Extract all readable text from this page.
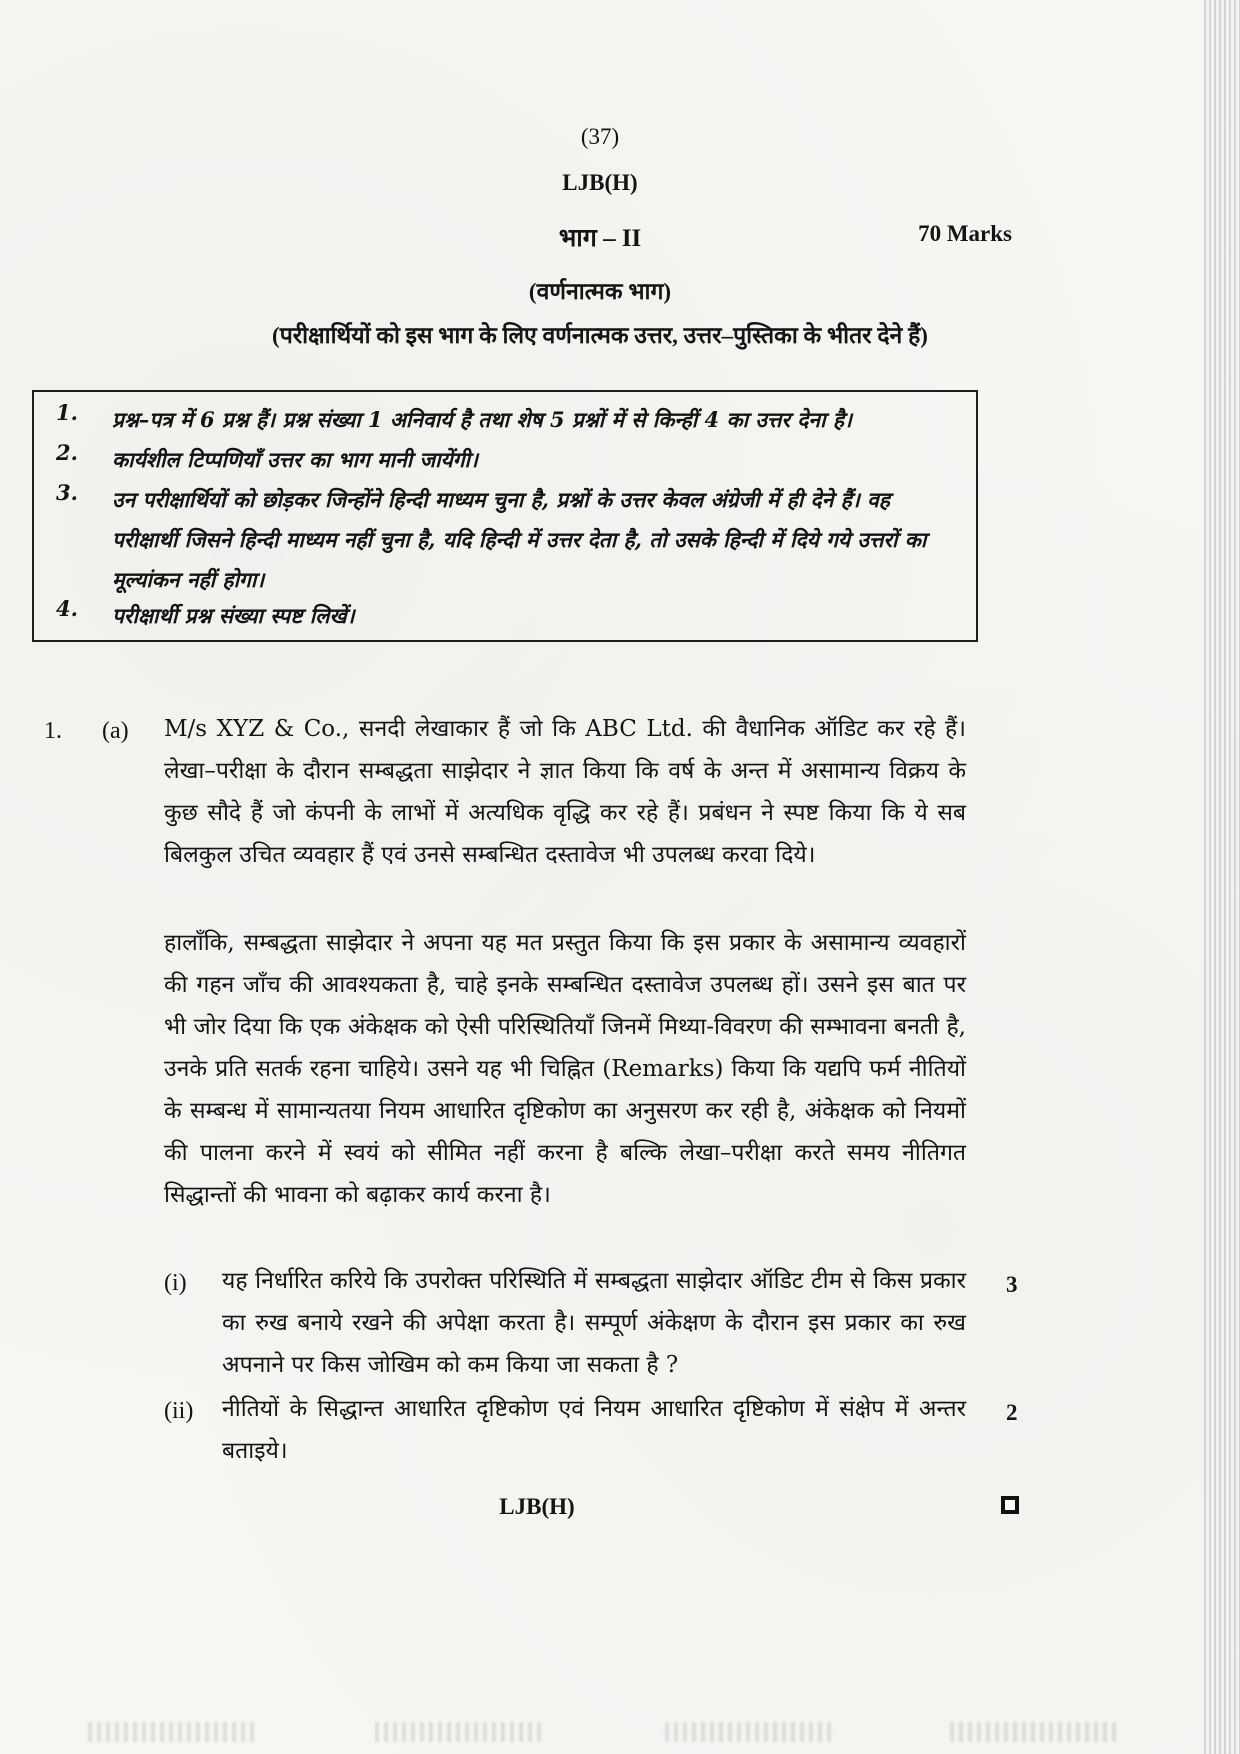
(37)
LJB(H)
भाग – II	70 Marks
(वर्णनात्मक भाग)
(परीक्षार्थियों को इस भाग के लिए वर्णनात्मक उत्तर, उत्तर–पुस्तिका के भीतर देने हैं)
1.	प्रश्न–पत्र में 6 प्रश्न हैं। प्रश्न संख्या 1 अनिवार्य है तथा शेष 5 प्रश्नों में से किन्हीं 4 का उत्तर देना है।
2.	कार्यशील टिप्पणियाँ उत्तर का भाग मानी जायेंगी।
3.	उन परीक्षार्थियों को छोड़कर जिन्होंने हिन्दी माध्यम चुना है, प्रश्नों के उत्तर केवल अंग्रेजी में ही देने हैं। वह परीक्षार्थी जिसने हिन्दी माध्यम नहीं चुना है, यदि हिन्दी में उत्तर देता है, तो उसके हिन्दी में दिये गये उत्तरों का मूल्यांकन नहीं होगा।
4.	परीक्षार्थी प्रश्न संख्या स्पष्ट लिखें।
1. (a) M/s XYZ & Co., सनदी लेखाकार हैं जो कि ABC Ltd. की वैधानिक ऑडिट कर रहे हैं। लेखा–परीक्षा के दौरान सम्बद्धता साझेदार ने ज्ञात किया कि वर्ष के अन्त में असामान्य विक्रय के कुछ सौदे हैं जो कंपनी के लाभों में अत्यधिक वृद्धि कर रहे हैं। प्रबंधन ने स्पष्ट किया कि ये सब बिलकुल उचित व्यवहार हैं एवं उनसे सम्बन्धित दस्तावेज भी उपलब्ध करवा दिये।
हालाँकि, सम्बद्धता साझेदार ने अपना यह मत प्रस्तुत किया कि इस प्रकार के असामान्य व्यवहारों की गहन जाँच की आवश्यकता है, चाहे इनके सम्बन्धित दस्तावेज उपलब्ध हों। उसने इस बात पर भी जोर दिया कि एक अंकेक्षक को ऐसी परिस्थितियाँ जिनमें मिथ्या-विवरण की सम्भावना बनती है, उनके प्रति सतर्क रहना चाहिये। उसने यह भी चिह्नित (Remarks) किया कि यद्यपि फर्म नीतियों के सम्बन्ध में सामान्यतया नियम आधारित दृष्टिकोण का अनुसरण कर रही है, अंकेक्षक को नियमों की पालना करने में स्वयं को सीमित नहीं करना है बल्कि लेखा–परीक्षा करते समय नीतिगत सिद्धान्तों की भावना को बढ़ाकर कार्य करना है।
(i) यह निर्धारित करिये कि उपरोक्त परिस्थिति में सम्बद्धता साझेदार ऑडिट टीम से किस प्रकार का रुख बनाये रखने की अपेक्षा करता है। सम्पूर्ण अंकेक्षण के दौरान इस प्रकार का रुख अपनाने पर किस जोखिम को कम किया जा सकता है ?
3
(ii) नीतियों के सिद्धान्त आधारित दृष्टिकोण एवं नियम आधारित दृष्टिकोण में संक्षेप में अन्तर बताइये।
2
LJB(H)
